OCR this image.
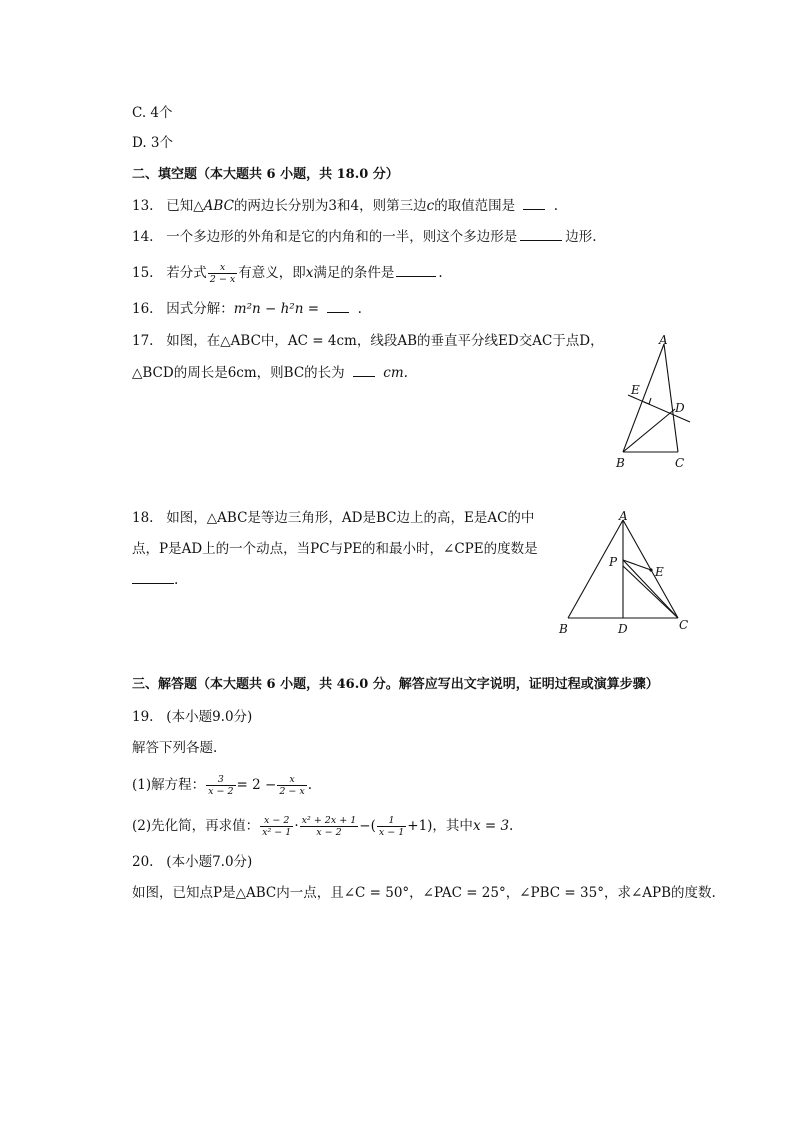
C. 4个
D. 3个
二、填空题（本大题共 6 小题，共 18.0 分）
13. 已知△ABC的两边长分别为3和4，则第三边c的取值范围是	.
14. 一个多边形的外角和是它的内角和的一半，则这个多边形是	边形.
15. 若分式 $\frac{x}{2 - x}$ 有意义，即x满足的条件是	.
16. 因式分解：m²n − h²n =	.
17. 如图，在△ABC中，AC = 4cm，线段AB的垂直平分线ED交AC于点D，
△BCD的周长是6cm，则BC的长为	cm.
A
E
D
B	C
18. 如图，△ABC是等边三角形，AD是BC边上的高，E是AC的中
点，P是AD上的一个动点，当PC与PE的和最小时，∠CPE的度数是
.
A
P
E
B	D	C
三、解答题（本大题共 6 小题，共 46.0 分。解答应写出文字说明，证明过程或演算步骤）
19. (本小题9.0分)
解答下列各题.
(1)解方程： $\frac{3}{x - 2} = 2 - \frac{x}{2 - x}$ .
(2)先化简，再求值： $\frac{x - 2}{\text{x² − 1}} \cdot \frac{\text{x² + 2x + 1}}{x - 2}$ −( $\frac{1}{x - 1} +1$)，其中x = 3.
20. (本小题7.0分)
如图，已知点P是△ABC内一点，且∠C = 50°，∠PAC = 25°，∠PBC = 35°，求∠APB的度数.
